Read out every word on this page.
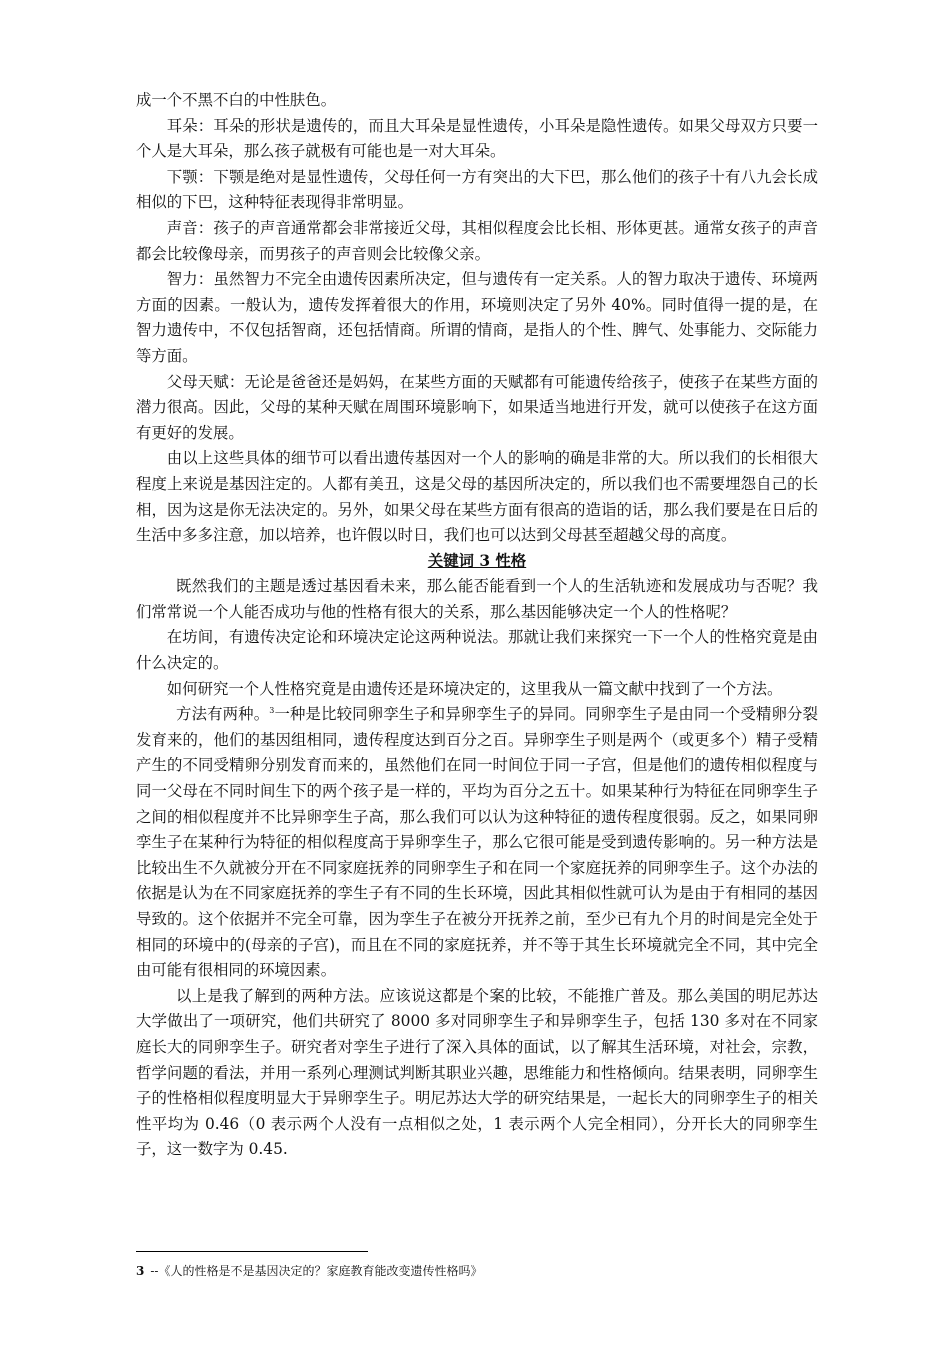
成一个不黑不白的中性肤色。

耳朵：耳朵的形状是遗传的，而且大耳朵是显性遗传，小耳朵是隐性遗传。如果父母双方只要一个人是大耳朵，那么孩子就极有可能也是一对大耳朵。

下颚：下颚是绝对是显性遗传，父母任何一方有突出的大下巴，那么他们的孩子十有八九会长成相似的下巴，这种特征表现得非常明显。

声音：孩子的声音通常都会非常接近父母，其相似程度会比长相、形体更甚。通常女孩子的声音都会比较像母亲，而男孩子的声音则会比较像父亲。

智力：虽然智力不完全由遗传因素所决定，但与遗传有一定关系。人的智力取决于遗传、环境两方面的因素。一般认为，遗传发挥着很大的作用，环境则决定了另外 40%。同时值得一提的是，在智力遗传中，不仅包括智商，还包括情商。所谓的情商，是指人的个性、脾气、处事能力、交际能力等方面。

父母天赋：无论是爸爸还是妈妈，在某些方面的天赋都有可能遗传给孩子，使孩子在某些方面的潜力很高。因此，父母的某种天赋在周围环境影响下，如果适当地进行开发，就可以使孩子在这方面有更好的发展。

由以上这些具体的细节可以看出遗传基因对一个人的影响的确是非常的大。所以我们的长相很大程度上来说是基因注定的。人都有美丑，这是父母的基因所决定的，所以我们也不需要埋怨自己的长相，因为这是你无法决定的。另外，如果父母在某些方面有很高的造诣的话，那么我们要是在日后的生活中多多注意，加以培养，也许假以时日，我们也可以达到父母甚至超越父母的高度。

关键词 3 性格

既然我们的主题是透过基因看未来，那么能否能看到一个人的生活轨迹和发展成功与否呢？我们常常说一个人能否成功与他的性格有很大的关系，那么基因能够决定一个人的性格呢？

在坊间，有遗传决定论和环境决定论这两种说法。那就让我们来探究一下一个人的性格究竟是由什么决定的。

如何研究一个人性格究竟是由遗传还是环境决定的，这里我从一篇文献中找到了一个方法。

方法有两种。$^3$一种是比较同卵孪生子和异卵孪生子的异同。同卵孪生子是由同一个受精卵分裂发育来的，他们的基因组相同，遗传程度达到百分之百。异卵孪生子则是两个（或更多个）精子受精产生的不同受精卵分别发育而来的，虽然他们在同一时间位于同一子宫，但是他们的遗传相似程度与同一父母在不同时间生下的两个孩子是一样的，平均为百分之五十。如果某种行为特征在同卵孪生子之间的相似程度并不比异卵孪生子高，那么我们可以认为这种特征的遗传程度很弱。反之，如果同卵孪生子在某种行为特征的相似程度高于异卵孪生子，那么它很可能是受到遗传影响的。另一种方法是比较出生不久就被分开在不同家庭抚养的同卵孪生子和在同一个家庭抚养的同卵孪生子。这个办法的依据是认为在不同家庭抚养的孪生子有不同的生长环境，因此其相似性就可认为是由于有相同的基因导致的。这个依据并不完全可靠，因为孪生子在被分开抚养之前，至少已有九个月的时间是完全处于相同的环境中的(母亲的子宫)，而且在不同的家庭抚养，并不等于其生长环境就完全不同，其中完全由可能有很相同的环境因素。

以上是我了解到的两种方法。应该说这都是个案的比较，不能推广普及。那么美国的明尼苏达大学做出了一项研究，他们共研究了 8000 多对同卵孪生子和异卵孪生子，包括 130 多对在不同家庭长大的同卵孪生子。研究者对孪生子进行了深入具体的面试，以了解其生活环境，对社会，宗教，哲学问题的看法，并用一系列心理测试判断其职业兴趣，思维能力和性格倾向。结果表明，同卵孪生子的性格相似程度明显大于异卵孪生子。明尼苏达大学的研究结果是，一起长大的同卵孪生子的相关性平均为 0.46（0 表示两个人没有一点相似之处，1 表示两个人完全相同），分开长大的同卵孪生子，这一数字为 0.45.

3 --《人的性格是不是基因决定的？家庭教育能改变遗传性格吗》
